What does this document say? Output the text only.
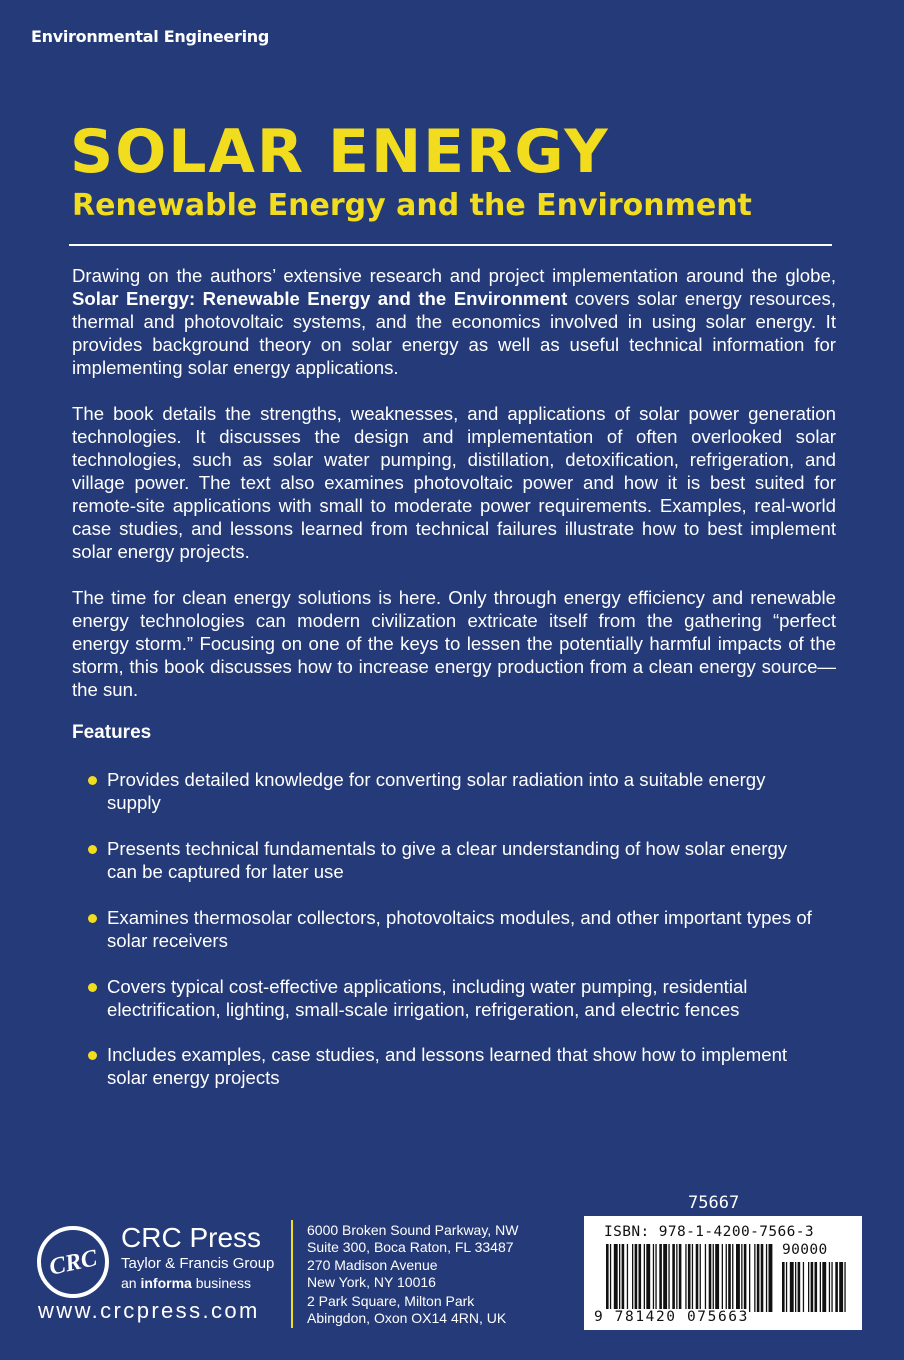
Environmental Engineering
SOLAR ENERGY
Renewable Energy and the Environment
Drawing on the authors’ extensive research and project implementation around the globe, Solar Energy: Renewable Energy and the Environment covers solar energy resources, thermal and photovoltaic systems, and the economics involved in using solar energy. It provides background theory on solar energy as well as useful technical information for implementing solar energy applications.
The book details the strengths, weaknesses, and applications of solar power generation technologies. It discusses the design and implementation of often overlooked solar technologies, such as solar water pumping, distillation, detoxification, refrigeration, and village power. The text also examines photovoltaic power and how it is best suited for remote-site applications with small to moderate power requirements. Examples, real-world case studies, and lessons learned from technical failures illustrate how to best implement solar energy projects.
The time for clean energy solutions is here. Only through energy efficiency and renewable energy technologies can modern civilization extricate itself from the gathering “perfect energy storm.” Focusing on one of the keys to lessen the potentially harmful impacts of the storm, this book discusses how to increase energy production from a clean energy source—the sun.
Features
Provides detailed knowledge for converting solar radiation into a suitable energy supply
Presents technical fundamentals to give a clear understanding of how solar energy can be captured for later use
Examines thermosolar collectors, photovoltaics modules, and other important types of solar receivers
Covers typical cost-effective applications, including water pumping, residential electrification, lighting, small-scale irrigation, refrigeration, and electric fences
Includes examples, case studies, and lessons learned that show how to implement solar energy projects
CRC
CRC Press
Taylor & Francis Group
an informa business
www.crcpress.com
6000 Broken Sound Parkway, NW
Suite 300, Boca Raton, FL 33487
270 Madison Avenue
New York, NY 10016
2 Park Square, Milton Park
Abingdon, Oxon OX14 4RN, UK
75667
ISBN: 978-1-4200-7566-3
90000
9 781420 075663
